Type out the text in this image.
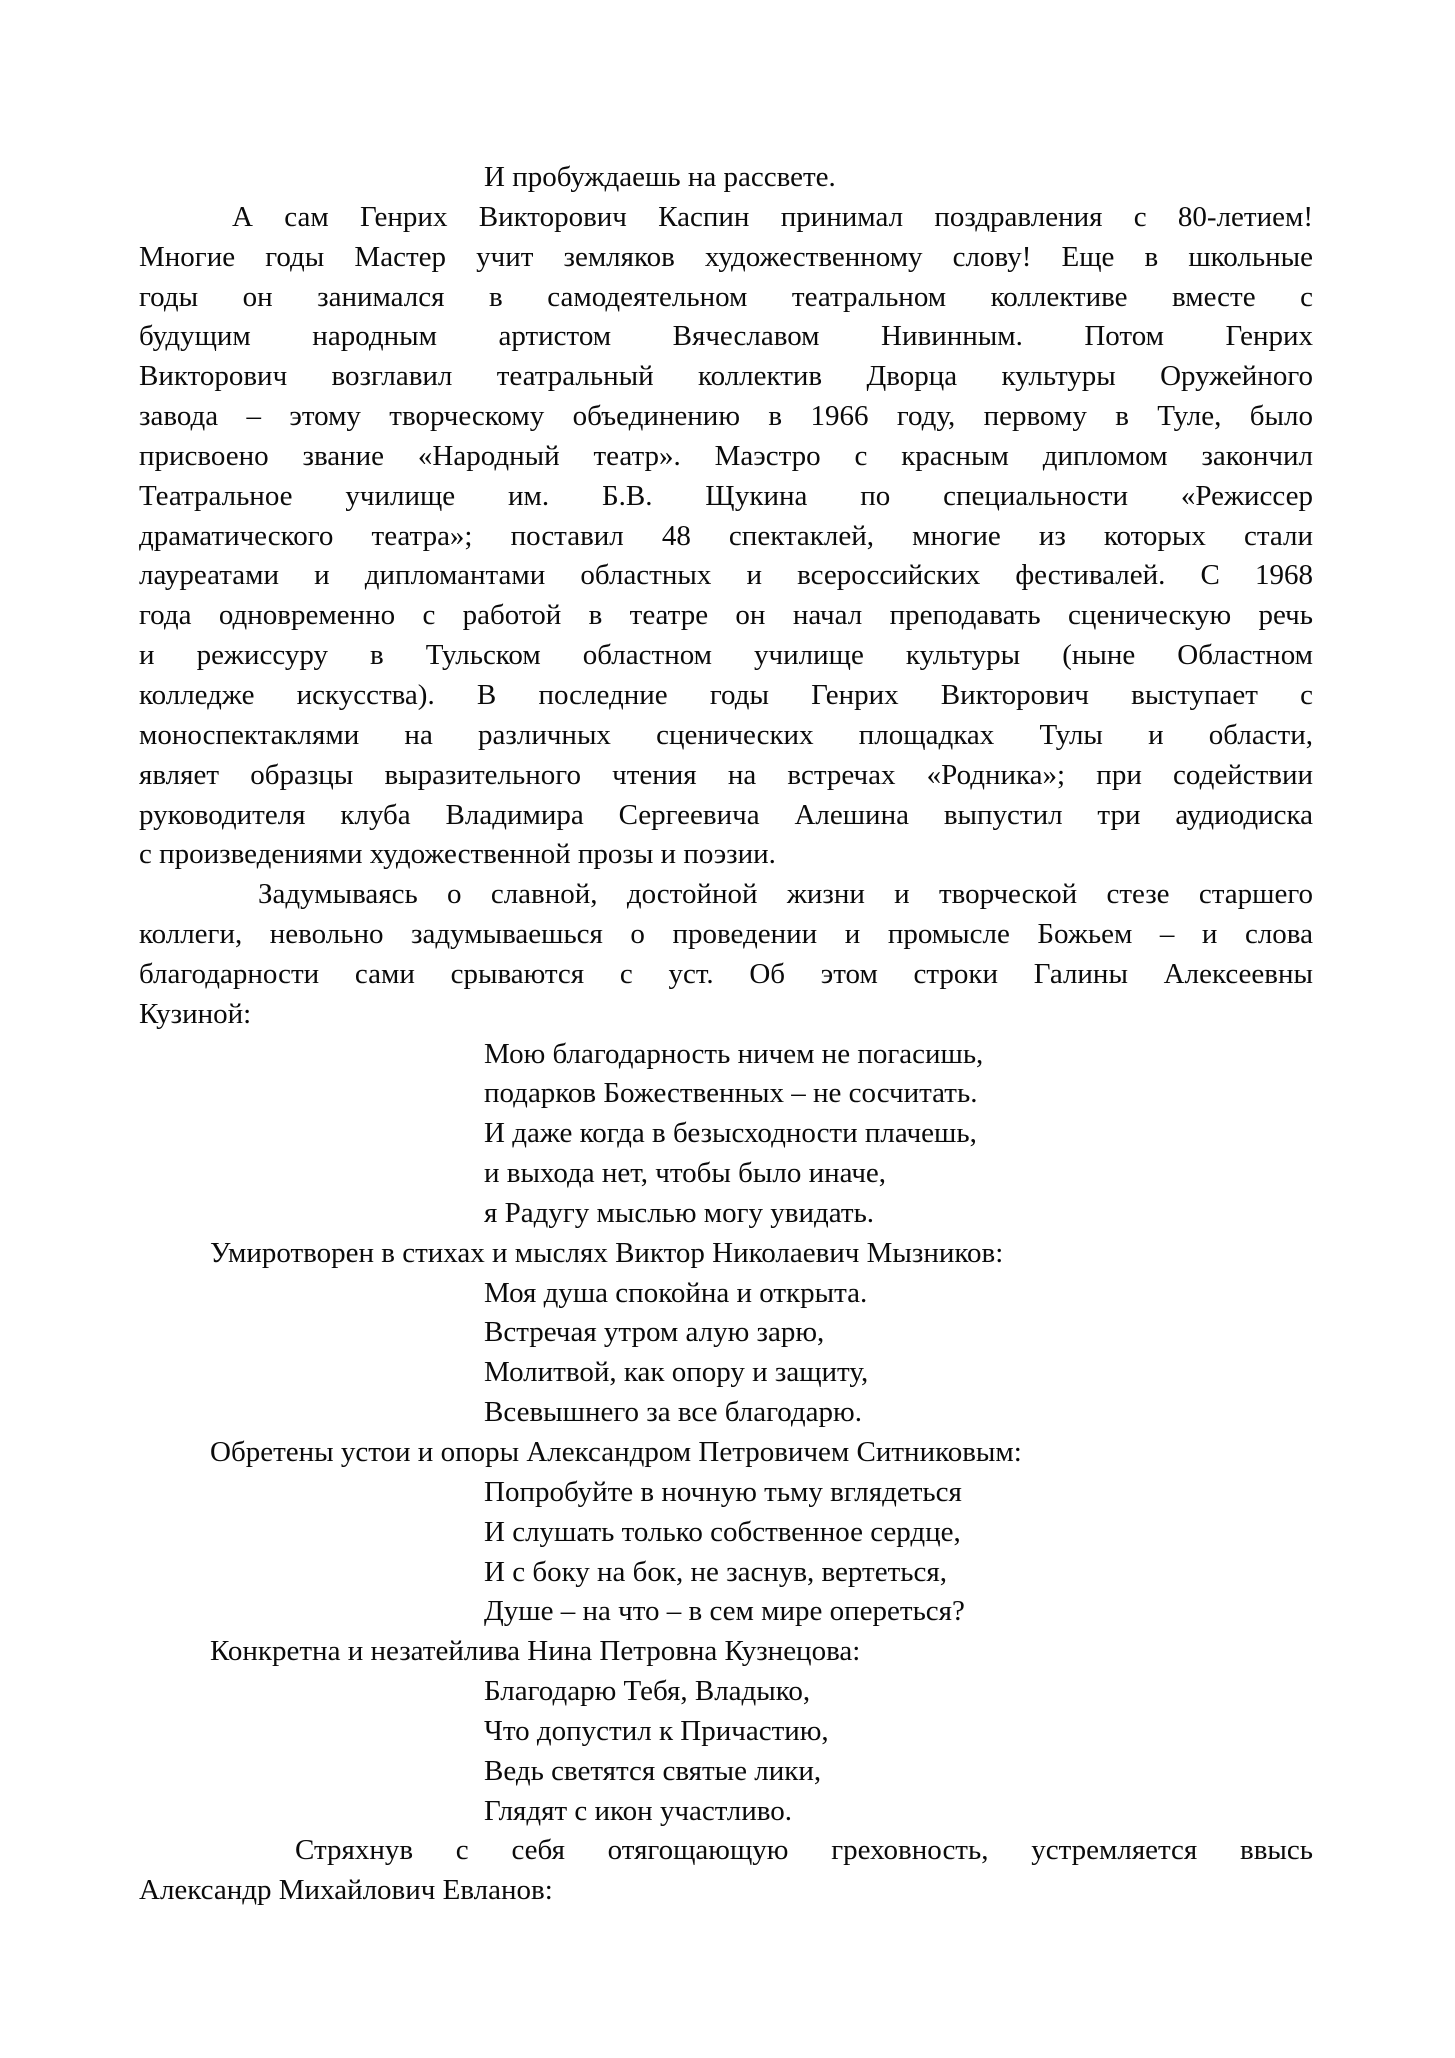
И пробуждаешь на рассвете.
А сам Генрих Викторович Каспин принимал поздравления с 80-летием!
Многие годы Мастер учит земляков художественному слову! Еще в школьные
годы он занимался в самодеятельном театральном коллективе вместе с
будущим народным артистом Вячеславом Нивинным. Потом Генрих
Викторович возглавил театральный коллектив Дворца культуры Оружейного
завода – этому творческому объединению в 1966 году, первому в Туле, было
присвоено звание «Народный театр». Маэстро с красным дипломом закончил
Театральное училище им. Б.В. Щукина по специальности «Режиссер
драматического театра»; поставил 48 спектаклей, многие из которых стали
лауреатами и дипломантами областных и всероссийских фестивалей. С 1968
года одновременно с работой в театре он начал преподавать сценическую речь
и режиссуру в Тульском областном училище культуры (ныне Областном
колледже искусства). В последние годы Генрих Викторович выступает с
моноспектаклями на различных сценических площадках Тулы и области,
являет образцы выразительного чтения на встречах «Родника»; при содействии
руководителя клуба Владимира Сергеевича Алешина выпустил три аудиодиска
с произведениями художественной прозы и поэзии.
Задумываясь о славной, достойной жизни и творческой стезе старшего
коллеги, невольно задумываешься о проведении и промысле Божьем – и слова
благодарности сами срываются с уст. Об этом строки Галины Алексеевны
Кузиной:
Мою благодарность ничем не погасишь,
подарков Божественных – не сосчитать.
И даже когда в безысходности плачешь,
и выхода нет, чтобы было иначе,
я Радугу мыслью могу увидать.
Умиротворен в стихах и мыслях Виктор Николаевич Мызников:
Моя душа спокойна и открыта.
Встречая утром алую зарю,
Молитвой, как опору и защиту,
Всевышнего за все благодарю.
Обретены устои и опоры Александром Петровичем Ситниковым:
Попробуйте в ночную тьму вглядеться
И слушать только собственное сердце,
И с боку на бок, не заснув, вертеться,
Душе – на что – в сем мире опереться?
Конкретна и незатейлива Нина Петровна Кузнецова:
Благодарю Тебя, Владыко,
Что допустил к Причастию,
Ведь светятся святые лики,
Глядят с икон участливо.
Стряхнув с себя отягощающую греховность, устремляется ввысь
Александр Михайлович Евланов:
